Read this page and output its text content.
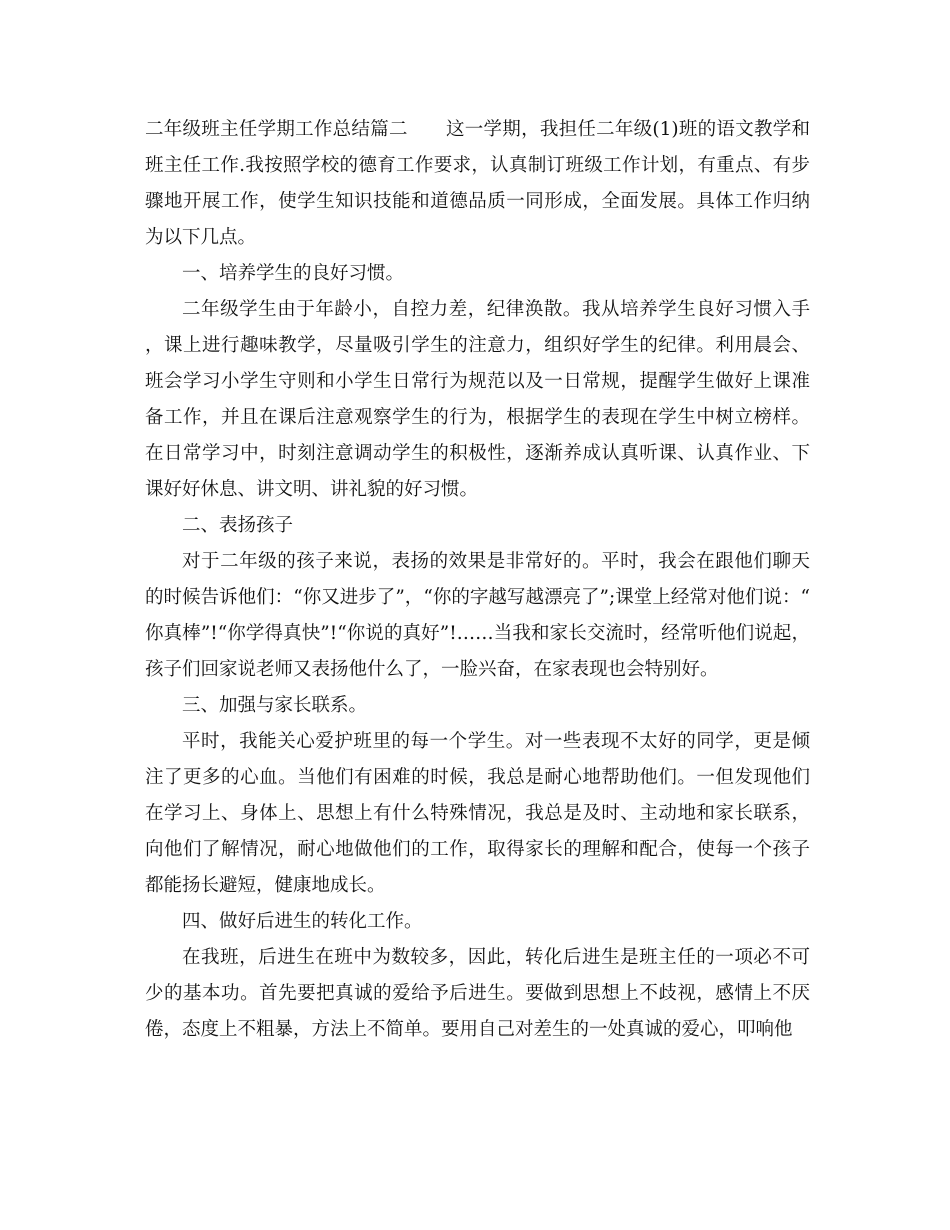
二年级班主任学期工作总结篇二 这一学期，我担任二年级(1)班的语文教学和班主任工作.我按照学校的德育工作要求，认真制订班级工作计划，有重点、有步骤地开展工作，使学生知识技能和道德品质一同形成，全面发展。具体工作归纳为以下几点。

一、培养学生的良好习惯。

二年级学生由于年龄小，自控力差，纪律涣散。我从培养学生良好习惯入手，课上进行趣味教学，尽量吸引学生的注意力，组织好学生的纪律。利用晨会、班会学习小学生守则和小学生日常行为规范以及一日常规，提醒学生做好上课准备工作，并且在课后注意观察学生的行为，根据学生的表现在学生中树立榜样。在日常学习中，时刻注意调动学生的积极性，逐渐养成认真听课、认真作业、下课好好休息、讲文明、讲礼貌的好习惯。

二、表扬孩子

对于二年级的孩子来说，表扬的效果是非常好的。平时，我会在跟他们聊天的时候告诉他们：“你又进步了”，“你的字越写越漂亮了”;课堂上经常对他们说：“你真棒”!“你学得真快”!“你说的真好”!……当我和家长交流时，经常听他们说起，孩子们回家说老师又表扬他什么了，一脸兴奋，在家表现也会特别好。

三、加强与家长联系。

平时，我能关心爱护班里的每一个学生。对一些表现不太好的同学，更是倾注了更多的心血。当他们有困难的时候，我总是耐心地帮助他们。一但发现他们在学习上、身体上、思想上有什么特殊情况，我总是及时、主动地和家长联系，向他们了解情况，耐心地做他们的工作，取得家长的理解和配合，使每一个孩子都能扬长避短，健康地成长。

四、做好后进生的转化工作。

在我班，后进生在班中为数较多，因此，转化后进生是班主任的一项必不可少的基本功。首先要把真诚的爱给予后进生。要做到思想上不歧视，感情上不厌倦，态度上不粗暴，方法上不简单。要用自己对差生的一处真诚的爱心，叩响他
